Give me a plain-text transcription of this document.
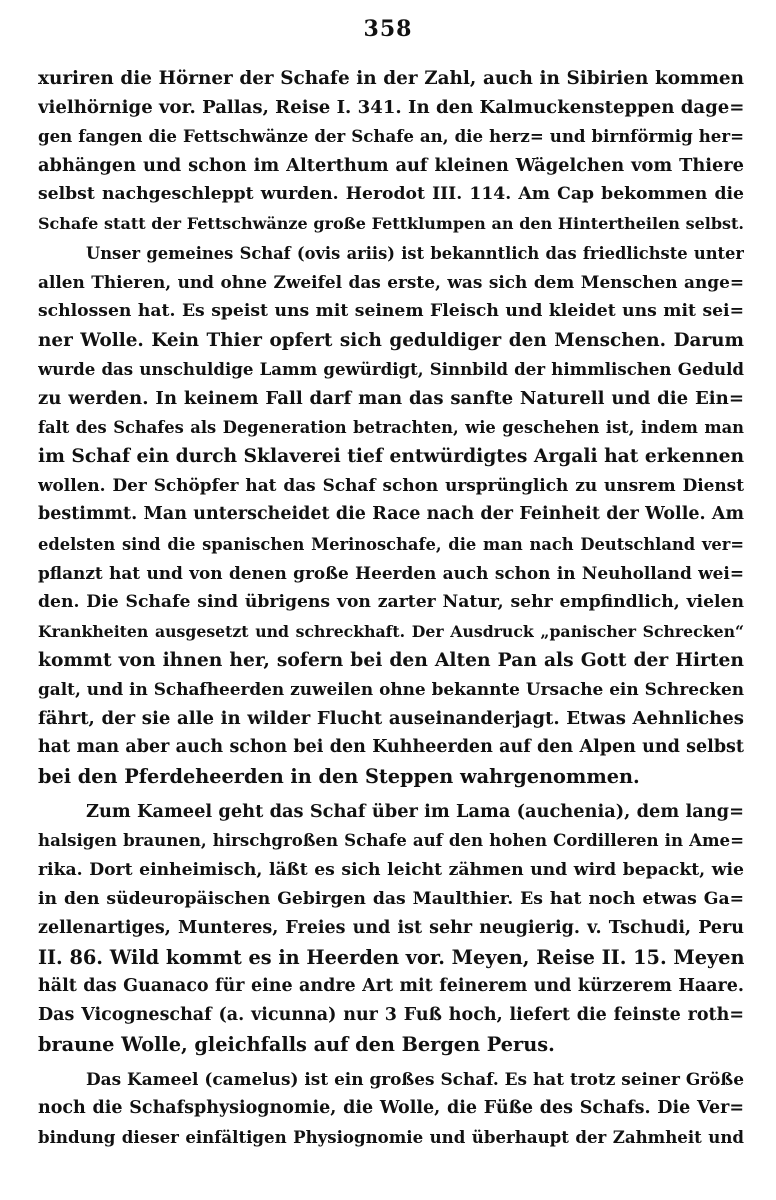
358
xuriren die Hörner der Schafe in der Zahl, auch in Sibirien kommen
vielhörnige vor. Pallas, Reise I. 341. In den Kalmuckensteppen dage=
gen fangen die Fettschwänze der Schafe an, die herz= und birnförmig her=
abhängen und schon im Alterthum auf kleinen Wägelchen vom Thiere
selbst nachgeschleppt wurden. Herodot III. 114. Am Cap bekommen die
Schafe statt der Fettschwänze große Fettklumpen an den Hintertheilen selbst.
Unser gemeines Schaf (ovis ariis) ist bekanntlich das friedlichste unter
allen Thieren, und ohne Zweifel das erste, was sich dem Menschen ange=
schlossen hat. Es speist uns mit seinem Fleisch und kleidet uns mit sei=
ner Wolle. Kein Thier opfert sich geduldiger den Menschen. Darum
wurde das unschuldige Lamm gewürdigt, Sinnbild der himmlischen Geduld
zu werden. In keinem Fall darf man das sanfte Naturell und die Ein=
falt des Schafes als Degeneration betrachten, wie geschehen ist, indem man
im Schaf ein durch Sklaverei tief entwürdigtes Argali hat erkennen
wollen. Der Schöpfer hat das Schaf schon ursprünglich zu unsrem Dienst
bestimmt. Man unterscheidet die Race nach der Feinheit der Wolle. Am
edelsten sind die spanischen Merinoschafe, die man nach Deutschland ver=
pflanzt hat und von denen große Heerden auch schon in Neuholland wei=
den. Die Schafe sind übrigens von zarter Natur, sehr empfindlich, vielen
Krankheiten ausgesetzt und schreckhaft. Der Ausdruck „panischer Schrecken“
kommt von ihnen her, sofern bei den Alten Pan als Gott der Hirten
galt, und in Schafheerden zuweilen ohne bekannte Ursache ein Schrecken
fährt, der sie alle in wilder Flucht auseinanderjagt. Etwas Aehnliches
hat man aber auch schon bei den Kuhheerden auf den Alpen und selbst
bei den Pferdeheerden in den Steppen wahrgenommen.
Zum Kameel geht das Schaf über im Lama (auchenia), dem lang=
halsigen braunen, hirschgroßen Schafe auf den hohen Cordilleren in Ame=
rika. Dort einheimisch, läßt es sich leicht zähmen und wird bepackt, wie
in den südeuropäischen Gebirgen das Maulthier. Es hat noch etwas Ga=
zellenartiges, Munteres, Freies und ist sehr neugierig. v. Tschudi, Peru
II. 86. Wild kommt es in Heerden vor. Meyen, Reise II. 15. Meyen
hält das Guanaco für eine andre Art mit feinerem und kürzerem Haare.
Das Vicogneschaf (a. vicunna) nur 3 Fuß hoch, liefert die feinste roth=
braune Wolle, gleichfalls auf den Bergen Perus.
Das Kameel (camelus) ist ein großes Schaf. Es hat trotz seiner Größe
noch die Schafsphysiognomie, die Wolle, die Füße des Schafs. Die Ver=
bindung dieser einfältigen Physiognomie und überhaupt der Zahmheit und
